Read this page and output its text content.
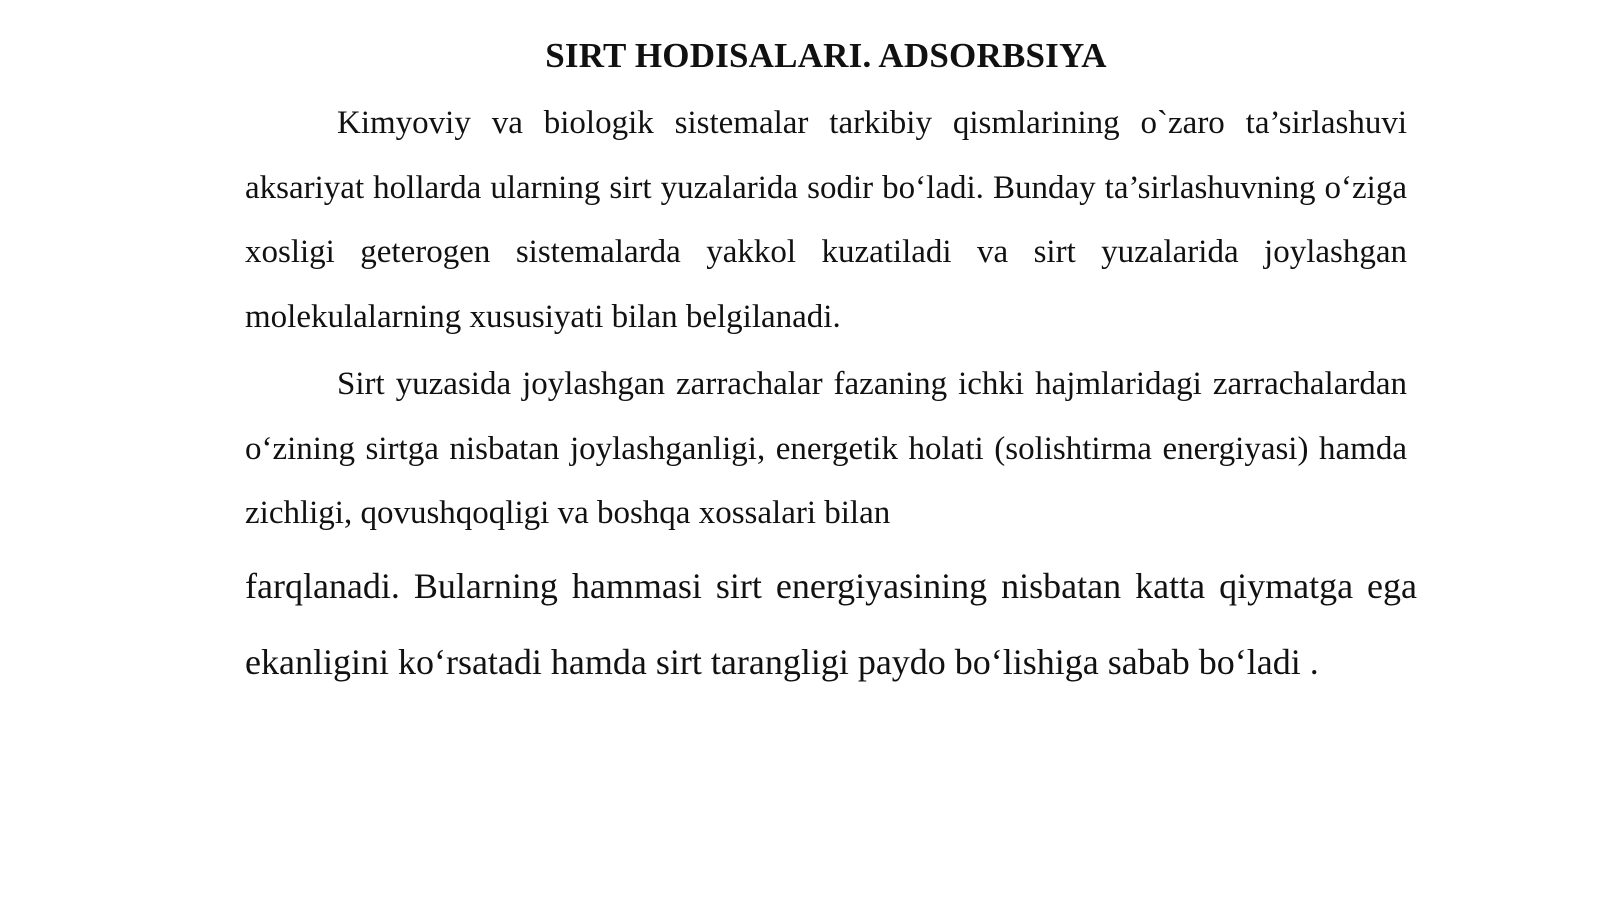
SIRT HODISALARI. ADSORBSIYA

Kimyoviy va biologik sistemalar tarkibiy qismlarining o`zaro ta’sirlashuvi aksariyat hollarda ularning sirt yuzalarida sodir bo‘ladi. Bunday ta’sirlashuvning o‘ziga xosligi geterogen sistemalarda yakkol kuzatiladi va sirt yuzalarida joylashgan molekulalarning xususiyati bilan belgilanadi.

Sirt yuzasida joylashgan zarrachalar fazaning ichki hajmlaridagi zarrachalardan o‘zining sirtga nisbatan joylashganligi, energetik holati (solishtirma energiyasi) hamda zichligi, qovushqoqligi va boshqa xossalari bilan

farqlanadi. Bularning hammasi sirt energiyasining nisbatan katta qiymatga ega ekanligini ko‘rsatadi hamda sirt tarangligi paydo bo‘lishiga sabab bo‘ladi .
